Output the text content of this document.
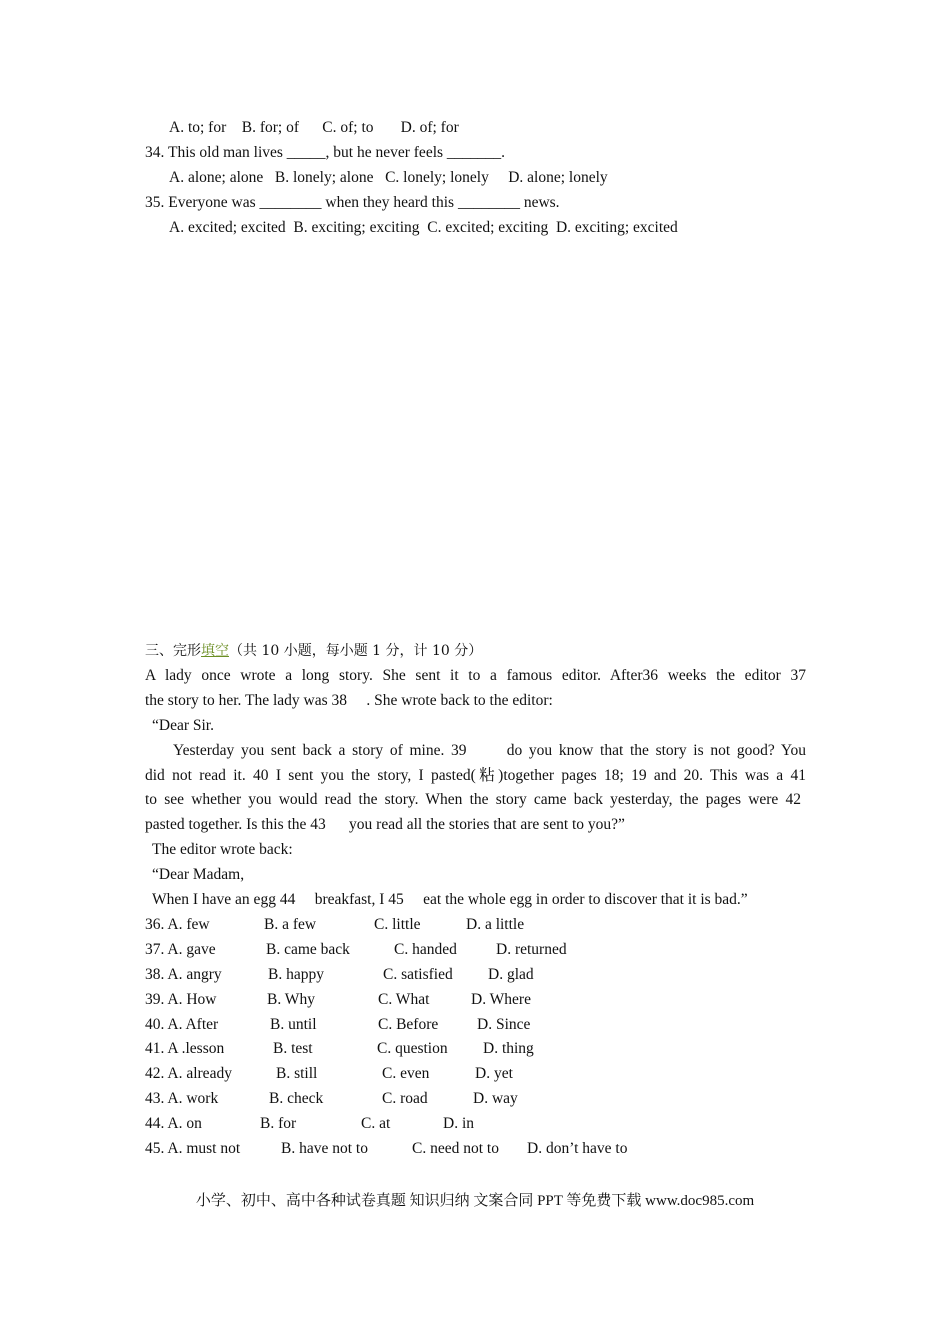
A. to; for    B. for; of      C. of; to       D. of; for
34. This old man lives _____, but he never feels _______.
A. alone; alone   B. lonely; alone   C. lonely; lonely     D. alone; lonely
35. Everyone was ________ when they heard this ________ news.
A. excited; excited  B. exciting; exciting  C. excited; exciting  D. exciting; excited
三、完形填空（共 10 小题，每小题 1 分，计 10 分）
A lady once wrote a long story. She sent it to a famous editor. After36 weeks the editor 37
the story to her. The lady was 38     . She wrote back to the editor:
“Dear Sir.
Yesterday you sent back a story of mine. 39      do you know that the story is not good? You
did not read it. 40 I sent you the story, I pasted(粘)together pages 18; 19 and 20. This was a 41
to see whether you would read the story. When the story came back yesterday, the pages were 42
pasted together. Is this the 43      you read all the stories that are sent to you?”
The editor wrote back:
“Dear Madam,
When I have an egg 44     breakfast, I 45     eat the whole egg in order to discover that it is bad.”
36. A. few	B. a few	C. little	D. a little
37. A. gave	B. came back	C. handed	D. returned
38. A. angry	B. happy	C. satisfied D. glad
39. A. How	B. Why	C. What	D. Where
40. A. After	B. until	C. Before D. Since
41. A .lesson	B. test	C. question D. thing
42. A. already	B. still	C. even	D. yet
43. A. work	B. check	C. road	D. way
44. A. on	B. for	C. at	D. in
45. A. must not	B. have not to	C. need not to D. don’t have to
小学、初中、高中各种试卷真题 知识归纳 文案合同 PPT 等免费下载 www.doc985.com
